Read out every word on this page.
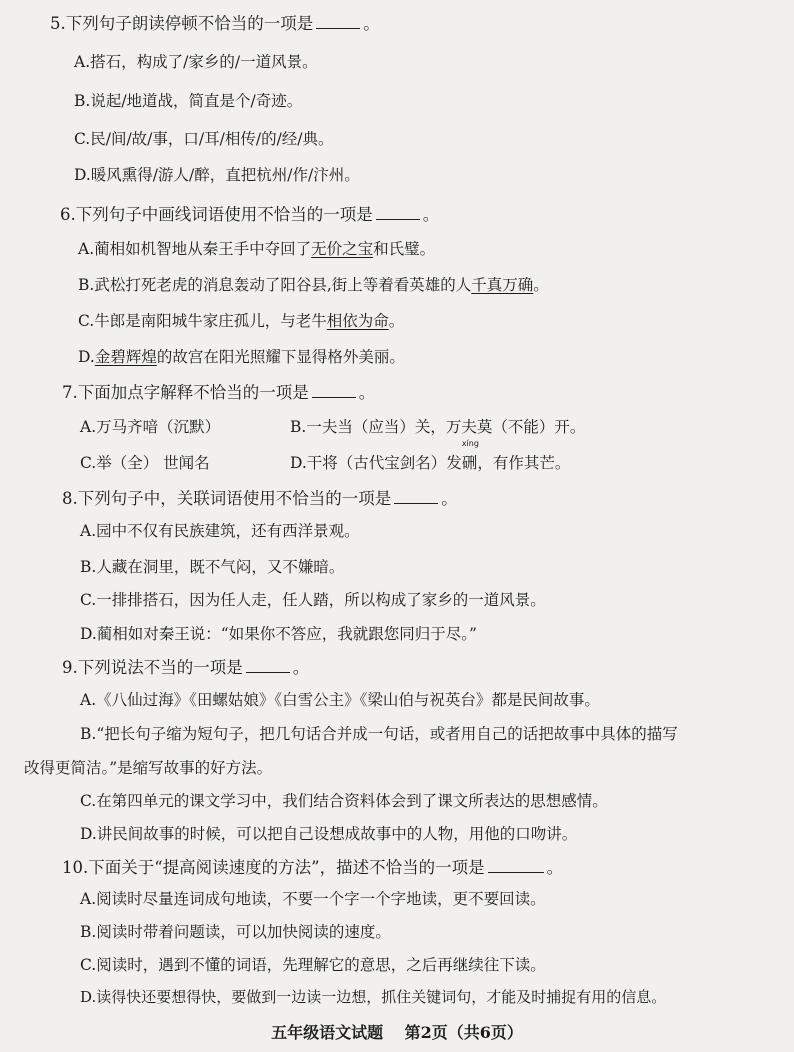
5.下列句子朗读停顿不恰当的一项是	。
A.搭石，构成了/家乡的/一道风景。
B.说起/地道战，简直是个/奇迹。
C.民/间/故/事，口/耳/相传/的/经/典。
D.暖风熏得/游人/醉，直把杭州/作/汴州。
6.下列句子中画线词语使用不恰当的一项是	。
A.蔺相如机智地从秦王手中夺回了无价之宝和氏璧。
B.武松打死老虎的消息轰动了阳谷县,街上等着看英雄的人千真万确。
C.牛郎是南阳城牛家庄孤儿，与老牛相依为命。
D.金碧辉煌的故宫在阳光照耀下显得格外美丽。
7.下面加点字解释不恰当的一项是	。
A.万马齐喑（沉默）	B.一夫当（应当）关，万夫莫（不能）开。
C.举（全） 世闻名	D.干将（古代宝剑名）发
xíng
硎，有作其芒。
8.下列句子中，关联词语使用不恰当的一项是	。
A.园中不仅有民族建筑，还有西洋景观。
B.人藏在洞里，既不气闷，又不嫌暗。
C.一排排搭石，因为任人走，任人踏，所以构成了家乡的一道风景。
D.蔺相如对秦王说：“如果你不答应，我就跟您同归于尽。”
9.下列说法不当的一项是	。
A.《八仙过海》《田螺姑娘》《白雪公主》《梁山伯与祝英台》都是民间故事。
B.“把长句子缩为短句子，把几句话合并成一句话，或者用自己的话把故事中具体的描写
改得更简洁。”是缩写故事的好方法。
C.在第四单元的课文学习中，我们结合资料体会到了课文所表达的思想感情。
D.讲民间故事的时候，可以把自己设想成故事中的人物，用他的口吻讲。
10.下面关于“提高阅读速度的方法”，描述不恰当的一项是	。
A.阅读时尽量连词成句地读，不要一个字一个字地读，更不要回读。
B.阅读时带着问题读，可以加快阅读的速度。
C.阅读时，遇到不懂的词语，先理解它的意思，之后再继续往下读。
D.读得快还要想得快，要做到一边读一边想，抓住关键词句，才能及时捕捉有用的信息。
五年级语文试题 第2页（共6页）
